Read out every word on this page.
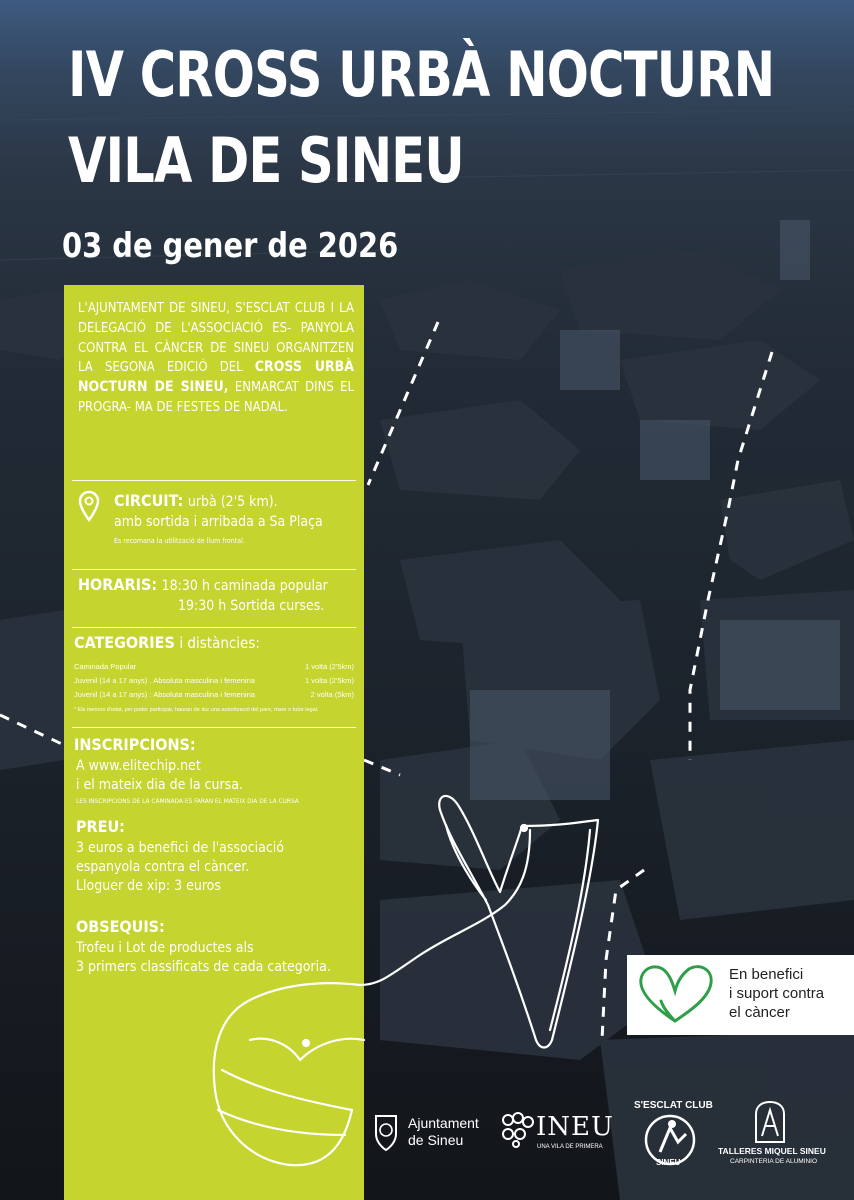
IV CROSS URBÀ NOCTURN
VILA DE SINEU
03 de gener de 2026
L'AJUNTAMENT DE SINEU, S'ESCLAT CLUB I LA DELEGACIÓ DE L'ASSOCIACIÓ ES- PANYOLA CONTRA EL CÀNCER DE SINEU ORGANITZEN LA SEGONA EDICIÓ DEL CROSS URBÀ NOCTURN DE SINEU, ENMARCAT DINS EL PROGRA- MA DE FESTES DE NADAL.
CIRCUIT: urbà (2'5 km).
amb sortida i arribada a Sa Plaça
Es recomana la utilització de llum frontal.
HORARIS: 18:30 h caminada popular
19:30 h Sortida curses.
CATEGORIES i distàncies:
Caminada Popular	1 volta (2'5km)
Juvenil (14 a 17 anys) . Absoluta masculina i femenina	1 volta (2'5km)
Juvenil (14 a 17 anys) : Absoluta masculina i femenina	2 volta (5km)
* Els menors d'edat, per poder participar, hauran de dur una autorització del pare, mare o tutor legal.
INSCRIPCIONS:
A www.elitechip.net
i el mateix dia de la cursa.
LES INSCRIPCIONS DE LA CAMINADA ES FARAN EL MATEIX DIA DE LA CURSA
PREU:
3 euros a benefici de l'associació
espanyola contra el càncer.
Lloguer de xip: 3 euros
OBSEQUIS:
Trofeu i Lot de productes als
3 primers classificats de cada categoria.	En benefici
i suport contra
el càncer
Ajuntament
de Sineu	INEU
UNA VILA DE PRIMERA
S'ESCLAT CLUB
SINEU
TALLERES MIQUEL SINEU
CARPINTERIA DE ALUMINIO
